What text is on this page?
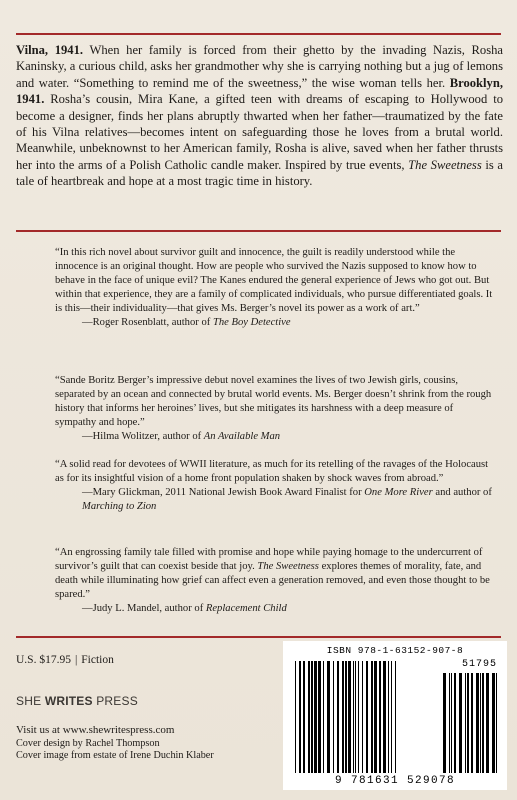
Vilna, 1941. When her family is forced from their ghetto by the invading Nazis, Rosha Kaninsky, a curious child, asks her grandmother why she is carrying nothing but a jug of lemons and water. “Something to remind me of the sweetness,” the wise woman tells her. Brooklyn, 1941. Rosha’s cousin, Mira Kane, a gifted teen with dreams of escaping to Hollywood to become a designer, finds her plans abruptly thwarted when her father—traumatized by the fate of his Vilna relatives—becomes intent on safeguarding those he loves from a brutal world. Meanwhile, unbeknownst to her American family, Rosha is alive, saved when her father thrusts her into the arms of a Polish Catholic candle maker. Inspired by true events, The Sweetness is a tale of heartbreak and hope at a most tragic time in history.

“In this rich novel about survivor guilt and innocence, the guilt is readily understood while the innocence is an original thought. How are people who survived the Nazis supposed to know how to behave in the face of unique evil? The Kanes endured the general experience of Jews who got out. But within that experience, they are a family of complicated individuals, who pursue differentiated goals. It is this—their individuality—that gives Ms. Berger’s novel its power as a work of art.”
—Roger Rosenblatt, author of The Boy Detective

“Sande Boritz Berger’s impressive debut novel examines the lives of two Jewish girls, cousins, separated by an ocean and connected by brutal world events. Ms. Berger doesn’t shrink from the rough history that informs her heroines’ lives, but she mitigates its harshness with a deep measure of sympathy and hope.”
—Hilma Wolitzer, author of An Available Man

“A solid read for devotees of WWII literature, as much for its retelling of the ravages of the Holocaust as for its insightful vision of a home front population shaken by shock waves from abroad.”
—Mary Glickman, 2011 National Jewish Book Award Finalist for One More River and author of Marching to Zion

“An engrossing family tale filled with promise and hope while paying homage to the undercurrent of survivor’s guilt that can coexist beside that joy. The Sweetness explores themes of morality, fate, and death while illuminating how grief can affect even a generation removed, and even those thought to be spared.”
—Judy L. Mandel, author of Replacement Child

U.S. $17.95 | Fiction
SHE WRITES PRESS

Visit us at www.shewritespress.com
Cover design by Rachel Thompson
Cover image from estate of Irene Duchin Klaber

ISBN 978-1-63152-907-8
51795
9 781631 529078
